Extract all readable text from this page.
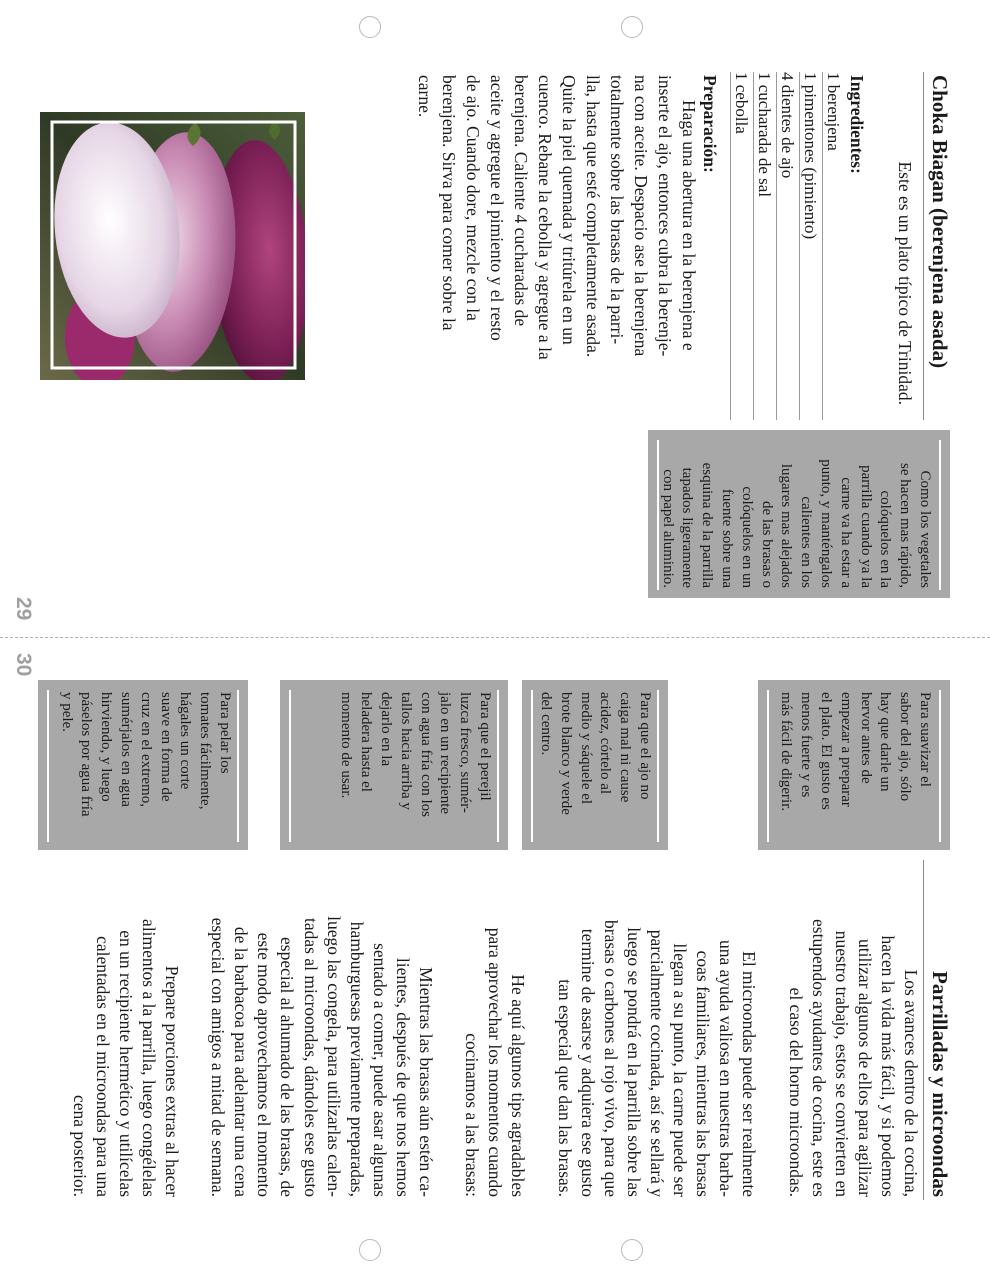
29
30
Choka Biagan (berenjena asada)
Este es un plato típico de Trinidad.
Ingredientes:
1 berenjena
1 pimentones (pimiento)
4 dientes de ajo
1 cucharada de sal
1 cebolla
Preparación:
Haga una abertura en la berenjena e
inserte el ajo, entonces cubra la berenje-
na con aceite. Despacio ase la berenjena
totalmente sobre las brasas de la parri-
lla, hasta que esté completamente asada.
Quite la piel quemada y tritúrela en un
cuenco. Rebane la cebolla y agregue a la
berenjena. Caliente 4 cucharadas de
aceite y agregue el pimiento y el resto
de ajo. Cuando dore, mezcle con la
berenjena. Sirva para comer sobre la
carne.
Como los vegetales
se hacen mas rápido,
colóquelos en la
parrilla cuando ya la
carne va ha estar a
punto, y manténgalos
calientes en los
lugares mas alejados
de las brasas o
colóquelos en un
fuente sobre una
esquina de la parrilla
tapados ligeramente
con papel aluminio.
Para suavizar el
sabor del ajo, sólo
hay que darle un
hervor antes de
empezar a preparar
el plato. El gusto es
menos fuerte y es
más fácil de digerir.
Para que el ajo no
caiga mal ni cause
acidez, córtelo al
medio y sáquele el
brote blanco y verde
del centro.
Para que el perejil
luzca fresco, sumér-
jalo en un recipiente
con agua fría con los
tallos hacia arriba y
dejarlo en la
heladera hasta el
momento de usar.
Para pelar los
tomates fácilmente,
hágales un corte
suave en forma de
cruz en el extremo,
sumérjalos en agua
hirviendo, y luego
páselos por agua fría
y pele.
Parrilladas y microondas
Los avances dentro de la cocina,
hacen la vida más fácil, y si podemos
utilizar algunos de ellos para agilizar
nuestro trabajo, estos se convierten en
estupendos ayudantes de cocina, este es
el caso del horno microondas.
El microondas puede ser realmente
una ayuda valiosa en nuestras barba-
coas familiares, mientras las brasas
llegan a su punto, la carne puede ser
parcialmente cocinada, así se sellará y
luego se pondrá en la parrilla sobre las
brasas o carbones al rojo vivo, para que
termine de asarse y adquiera ese gusto
tan especial que dan las brasas.
He aquí algunos tips agradables
para aprovechar los momentos cuando
cocinamos a las brasas:
Mientras las brasas aún estén ca-
lientes, después de que nos hemos
sentado a comer, puede asar algunas
hamburguesas previamente preparadas,
luego las congela, para utilizarlas calen-
tadas al microondas, dándoles ese gusto
especial al ahumado de las brasas, de
este modo aprovechamos el momento
de la barbacoa para adelantar una cena
especial con amigos a mitad de semana.
Prepare porciones extras al hacer
alimentos a la parrilla, luego congélelas
en un recipiente hermético y utilícelas
calentadas en el microondas para una
cena posterior.
